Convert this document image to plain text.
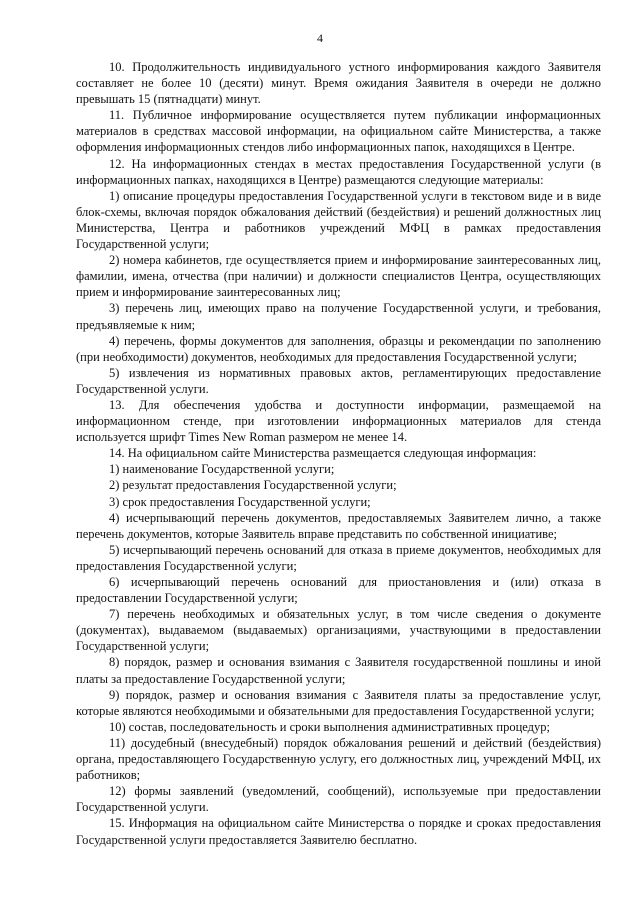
4

10. Продолжительность индивидуального устного информирования каждого Заявителя составляет не более 10 (десяти) минут. Время ожидания Заявителя в очереди не должно превышать 15 (пятнадцати) минут.

11. Публичное информирование осуществляется путем публикации информационных материалов в средствах массовой информации, на официальном сайте Министерства, а также оформления информационных стендов либо информационных папок, находящихся в Центре.

12. На информационных стендах в местах предоставления Государственной услуги (в информационных папках, находящихся в Центре) размещаются следующие материалы:

1) описание процедуры предоставления Государственной услуги в текстовом виде и в виде блок-схемы, включая порядок обжалования действий (бездействия) и решений должностных лиц Министерства, Центра и работников учреждений МФЦ в рамках предоставления Государственной услуги;

2) номера кабинетов, где осуществляется прием и информирование заинтересованных лиц, фамилии, имена, отчества (при наличии) и должности специалистов Центра, осуществляющих прием и информирование заинтересованных лиц;

3) перечень лиц, имеющих право на получение Государственной услуги, и требования, предъявляемые к ним;

4) перечень, формы документов для заполнения, образцы и рекомендации по заполнению (при необходимости) документов, необходимых для предоставления Государственной услуги;

5) извлечения из нормативных правовых актов, регламентирующих предоставление Государственной услуги.

13. Для обеспечения удобства и доступности информации, размещаемой на информационном стенде, при изготовлении информационных материалов для стенда используется шрифт Times New Roman размером не менее 14.

14. На официальном сайте Министерства размещается следующая информация:

1) наименование Государственной услуги;

2) результат предоставления Государственной услуги;

3) срок предоставления Государственной услуги;

4) исчерпывающий перечень документов, предоставляемых Заявителем лично, а также перечень документов, которые Заявитель вправе представить по собственной инициативе;

5) исчерпывающий перечень оснований для отказа в приеме документов, необходимых для предоставления Государственной услуги;

6) исчерпывающий перечень оснований для приостановления и (или) отказа в предоставлении Государственной услуги;

7) перечень необходимых и обязательных услуг, в том числе сведения о документе (документах), выдаваемом (выдаваемых) организациями, участвующими в предоставлении Государственной услуги;

8) порядок, размер и основания взимания с Заявителя государственной пошлины и иной платы за предоставление Государственной услуги;

9) порядок, размер и основания взимания с Заявителя платы за предоставление услуг, которые являются необходимыми и обязательными для предоставления Государственной услуги;

10) состав, последовательность и сроки выполнения административных процедур;

11) досудебный (внесудебный) порядок обжалования решений и действий (бездействия) органа, предоставляющего Государственную услугу, его должностных лиц, учреждений МФЦ, их работников;

12) формы заявлений (уведомлений, сообщений), используемые при предоставлении Государственной услуги.

15. Информация на официальном сайте Министерства о порядке и сроках предоставления Государственной услуги предоставляется Заявителю бесплатно.
